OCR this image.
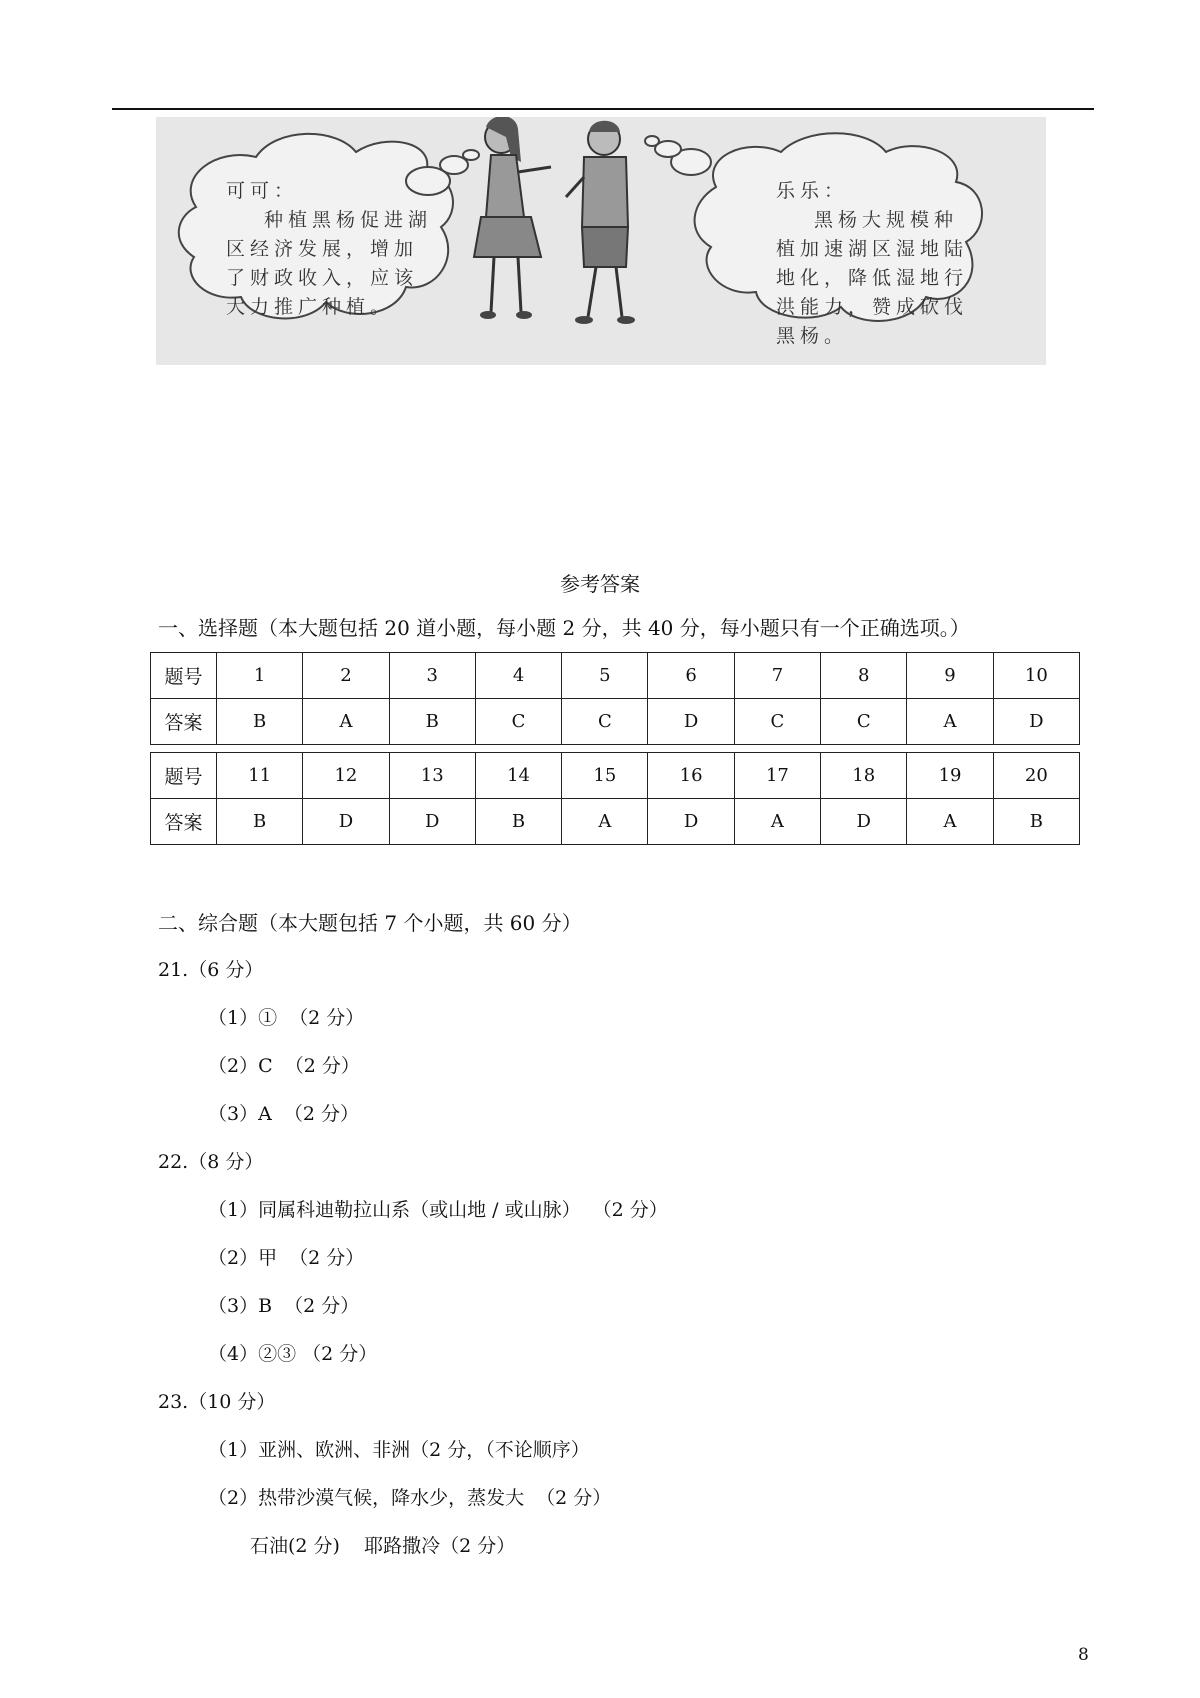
可可：
种植黑杨促进湖区经济发展，增加了财政收入，应该大力推广种植。
乐乐：
黑杨大规模种植加速湖区湿地陆地化，降低湿地行洪能力，赞成砍伐黑杨。
参考答案
一、选择题（本大题包括 20 道小题，每小题 2 分，共 40 分，每小题只有一个正确选项。）
题号	1	2	3	4	5	6	7	8	9	10
答案	B	A	B	C	C	D	C	C	A	D
题号	11	12	13	14	15	16	17	18	19	20
答案	B	D	D	B	A	D	A	D	A	B
二、综合题（本大题包括 7 个小题，共 60 分）
21.（6 分）
（1）①  （2 分）
（2）C  （2 分）
（3）A  （2 分）
22.（8 分）
（1）同属科迪勒拉山系（或山地 / 或山脉）  （2 分）
（2）甲  （2 分）
（3）B  （2 分）
（4）②③ （2 分）
23.（10 分）
（1）亚洲、欧洲、非洲（2 分，（不论顺序）
（2）热带沙漠气候，降水少，蒸发大  （2 分）
石油(2 分)    耶路撒冷（2 分）
8
